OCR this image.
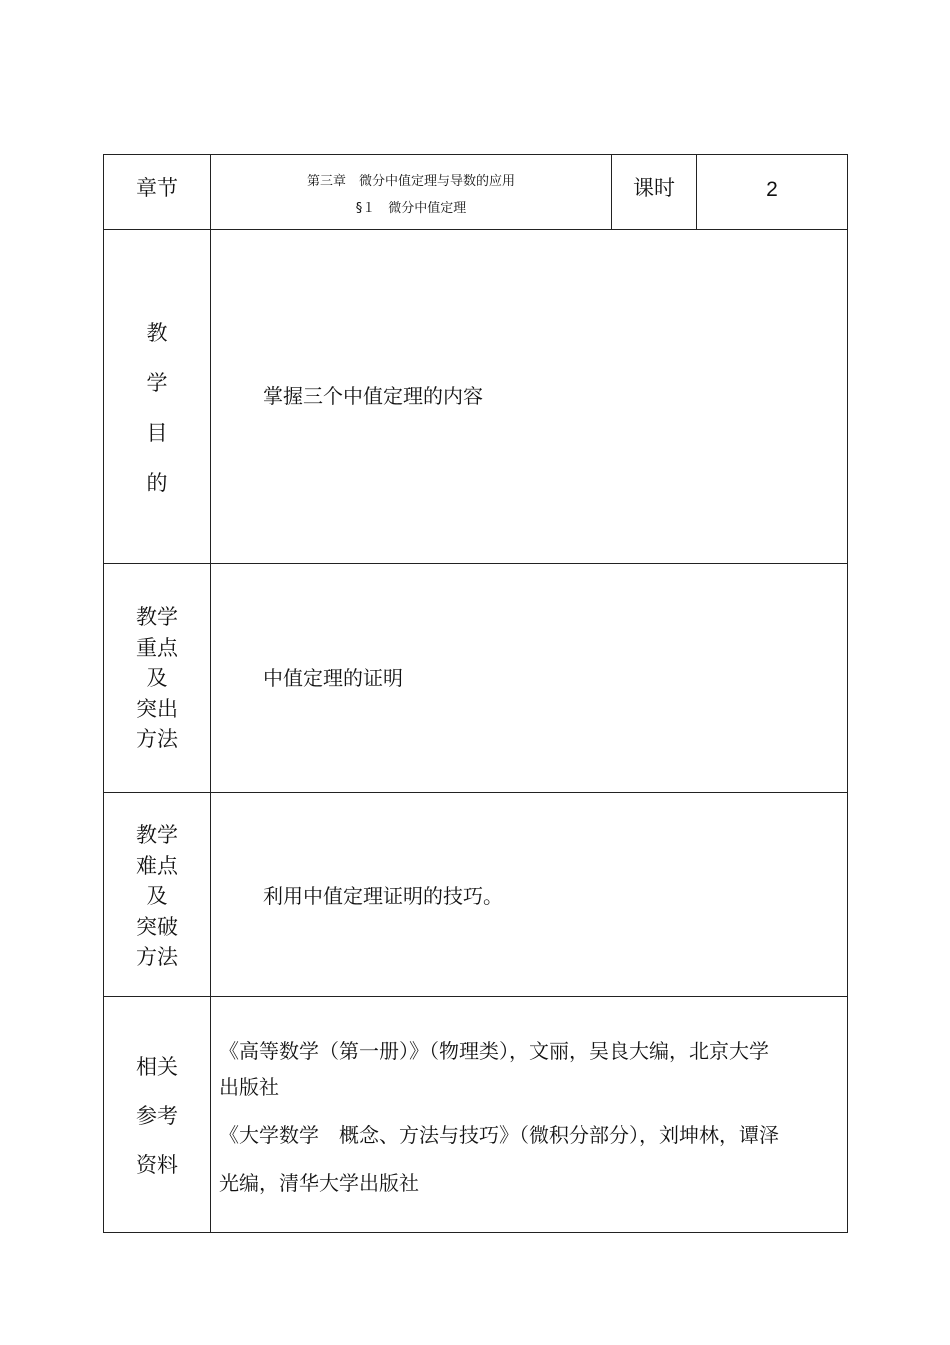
章节	第三章　微分中值定理与导数的应用
§１　微分中值定理
课时	2
教
学
目
的
掌握三个中值定理的内容
教学
重点
及
突出
方法
中值定理的证明
教学
难点
及
突破
方法
利用中值定理证明的技巧。
相关
参考
资料
《高等数学（第一册）》（物理类），文丽，吴良大编，北京大学
出版社
《大学数学　概念、方法与技巧》（微积分部分），刘坤林，谭泽
光编，清华大学出版社
